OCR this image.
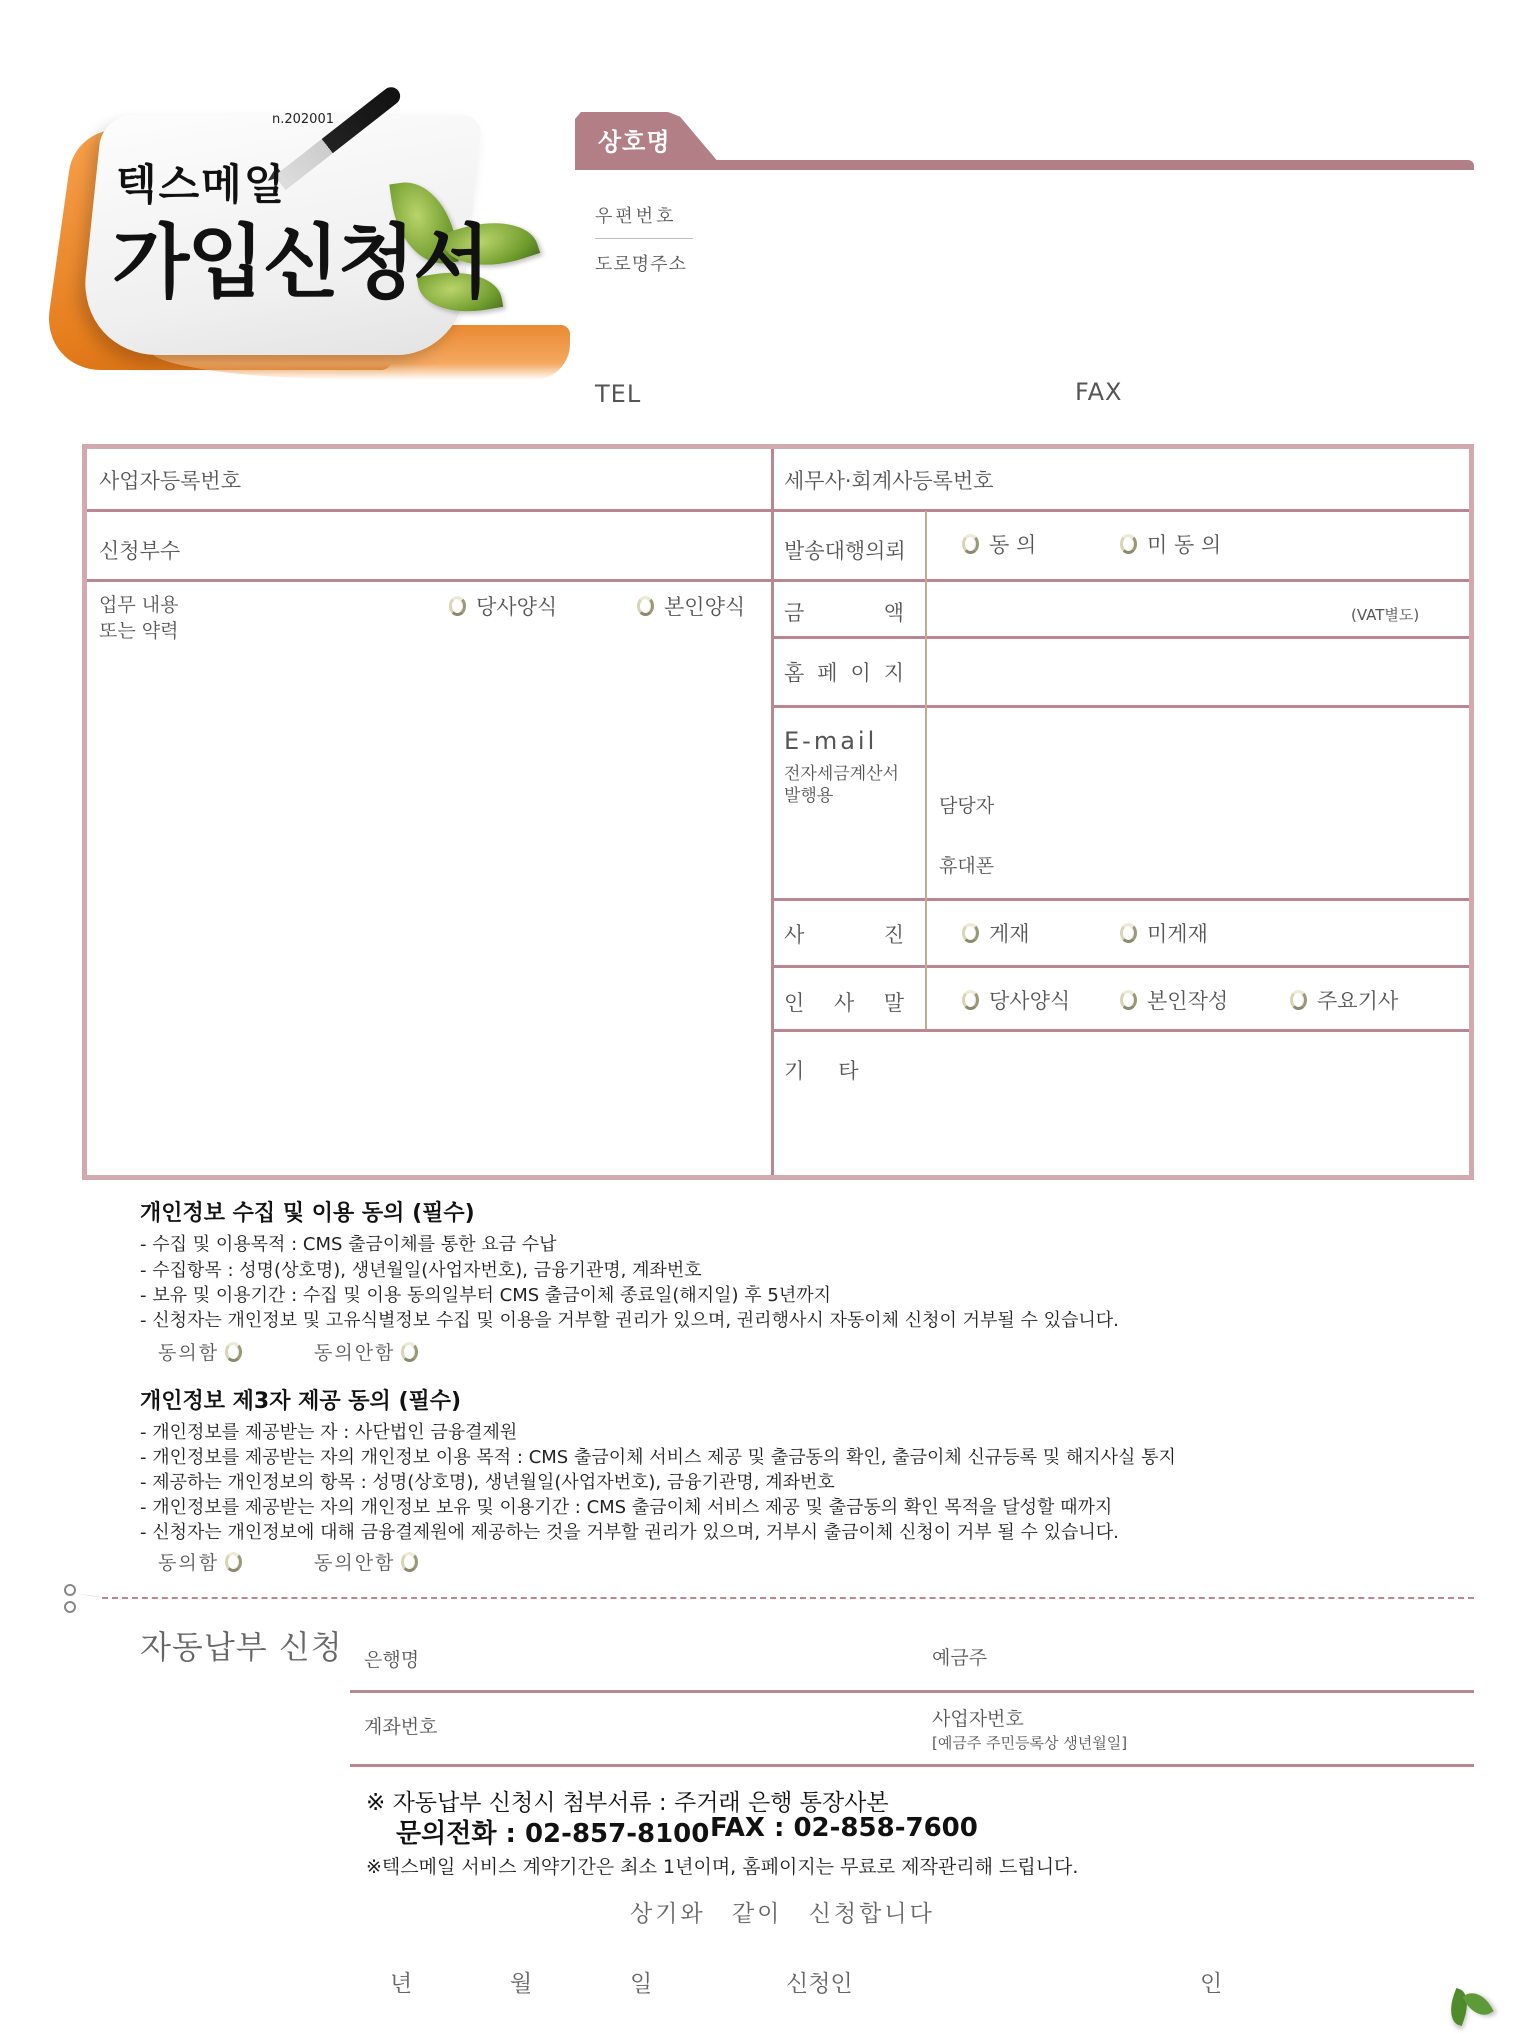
n.202001
텍스메일
가입신청서
상호명
우편번호
도로명주소
TEL	FAX
사업자등록번호
신청부수
업무 내용
또는 약력
당사양식	본인양식
세무사·회계사등록번호
발송대행의뢰	동 의	미 동 의
금	액	(VAT별도)
홈 페 이 지
E-mail
전자세금계산서
발행용	담당자
휴대폰
사	진	게재	미게재
인 사 말	당사양식	본인작성	주요기사
기 타
개인정보 수집 및 이용 동의 (필수)
- 수집 및 이용목적 : CMS 출금이체를 통한 요금 수납
- 수집항목 : 성명(상호명), 생년월일(사업자번호), 금융기관명, 계좌번호
- 보유 및 이용기간 : 수집 및 이용 동의일부터 CMS 출금이체 종료일(해지일) 후 5년까지
- 신청자는 개인정보 및 고유식별정보 수집 및 이용을 거부할 권리가 있으며, 권리행사시 자동이체 신청이 거부될 수 있습니다.
동의함	동의안함
개인정보 제3자 제공 동의 (필수)
- 개인정보를 제공받는 자 : 사단법인 금융결제원
- 개인정보를 제공받는 자의 개인정보 이용 목적 : CMS 출금이체 서비스 제공 및 출금동의 확인, 출금이체 신규등록 및 해지사실 통지
- 제공하는 개인정보의 항목 : 성명(상호명), 생년월일(사업자번호), 금융기관명, 계좌번호
- 개인정보를 제공받는 자의 개인정보 보유 및 이용기간 : CMS 출금이체 서비스 제공 및 출금동의 확인 목적을 달성할 때까지
- 신청자는 개인정보에 대해 금융결제원에 제공하는 것을 거부할 권리가 있으며, 거부시 출금이체 신청이 거부 될 수 있습니다.
동의함	동의안함
자동납부 신청 은행명	예금주
계좌번호	사업자번호
[예금주 주민등록상 생년월일]
※ 자동납부 신청시 첨부서류 : 주거래 은행 통장사본
문의전화 : 02-857-8100 FAX : 02-858-7600
※텍스메일 서비스 계약기간은 최소 1년이며, 홈페이지는 무료로 제작관리해 드립니다.
상기와 같이 신청합니다
년	월	일	신청인	인
